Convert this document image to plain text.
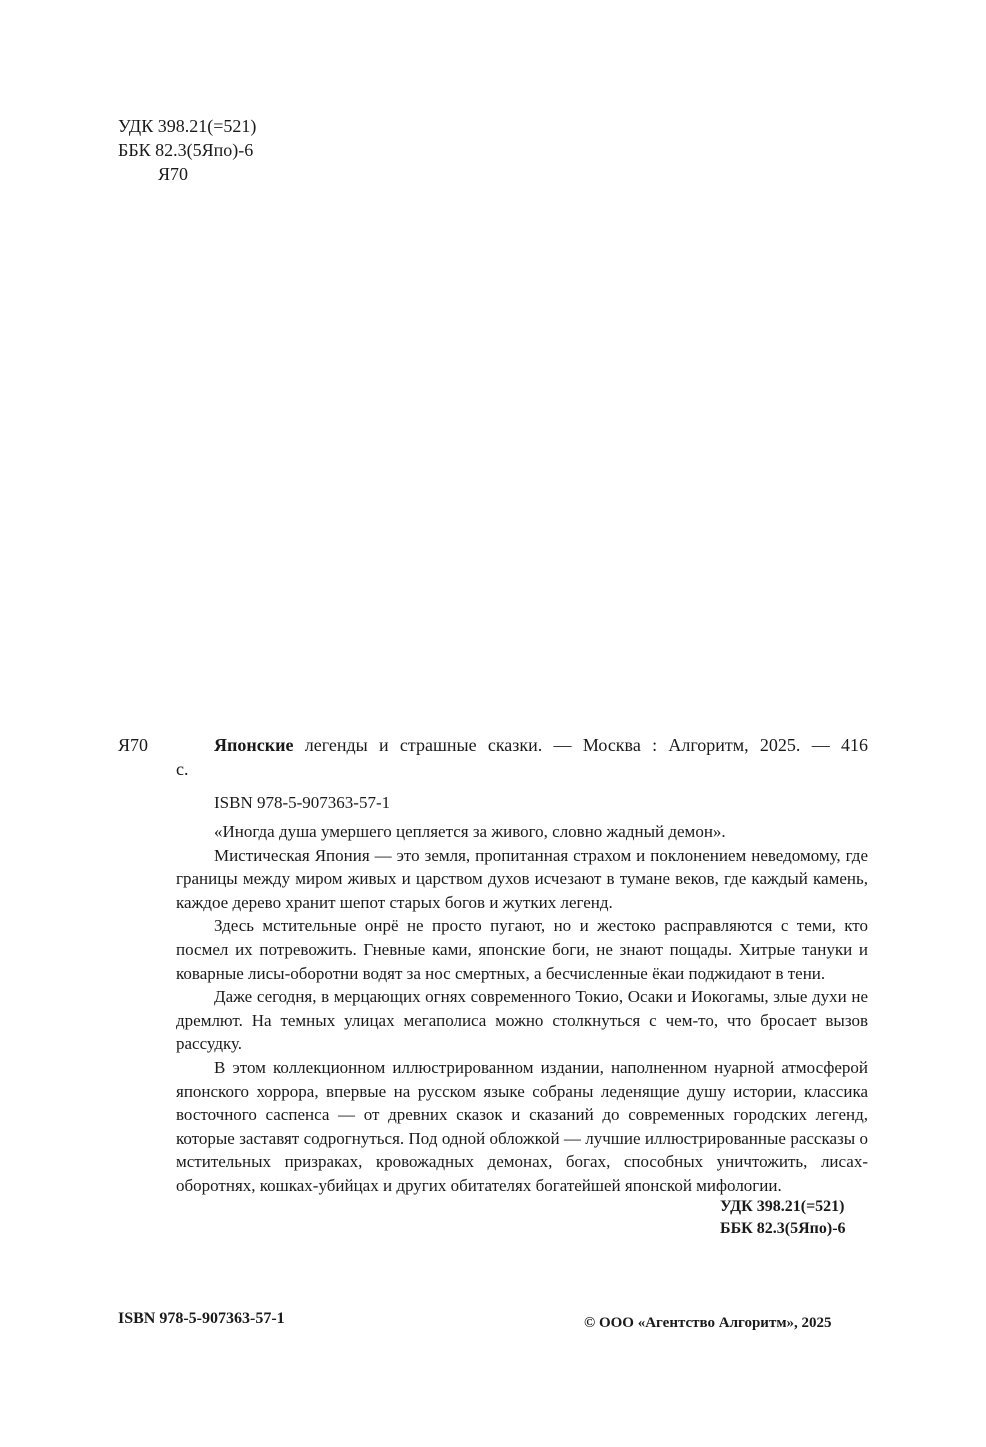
УДК 398.21(=521)
ББК 82.3(5Япо)-6
Я70
Я70	Японские легенды и страшные сказки. — Москва : Алгоритм, 2025. — 416 с.

ISBN 978-5-907363-57-1

«Иногда душа умершего цепляется за живого, словно жадный демон».

Мистическая Япония — это земля, пропитанная страхом и поклонением неведомому, где границы между миром живых и царством духов исчезают в тумане веков, где каждый камень, каждое дерево хранит шепот старых богов и жутких легенд.

Здесь мстительные онрё не просто пугают, но и жестоко расправляются с теми, кто посмел их потревожить. Гневные ками, японские боги, не знают пощады. Хитрые тануки и коварные лисы-оборотни водят за нос смертных, а бесчисленные ёкаи поджидают в тени.

Даже сегодня, в мерцающих огнях современного Токио, Осаки и Иокогамы, злые духи не дремлют. На темных улицах мегаполиса можно столкнуться с чем-то, что бросает вызов рассудку.

В этом коллекционном иллюстрированном издании, наполненном нуарной атмосферой японского хоррора, впервые на русском языке собраны леденящие душу истории, классика восточного саспенса — от древних сказок и сказаний до современных городских легенд, которые заставят содрогнуться. Под одной обложкой — лучшие иллюстрированные рассказы о мстительных призраках, кровожадных демонах, богах, способных уничтожить, лисах-оборотнях, кошках-убийцах и других обитателях богатейшей японской мифологии.

УДК 398.21(=521)
ББК 82.3(5Япо)-6
ISBN 978-5-907363-57-1	© ООО «Агентство Алгоритм», 2025
